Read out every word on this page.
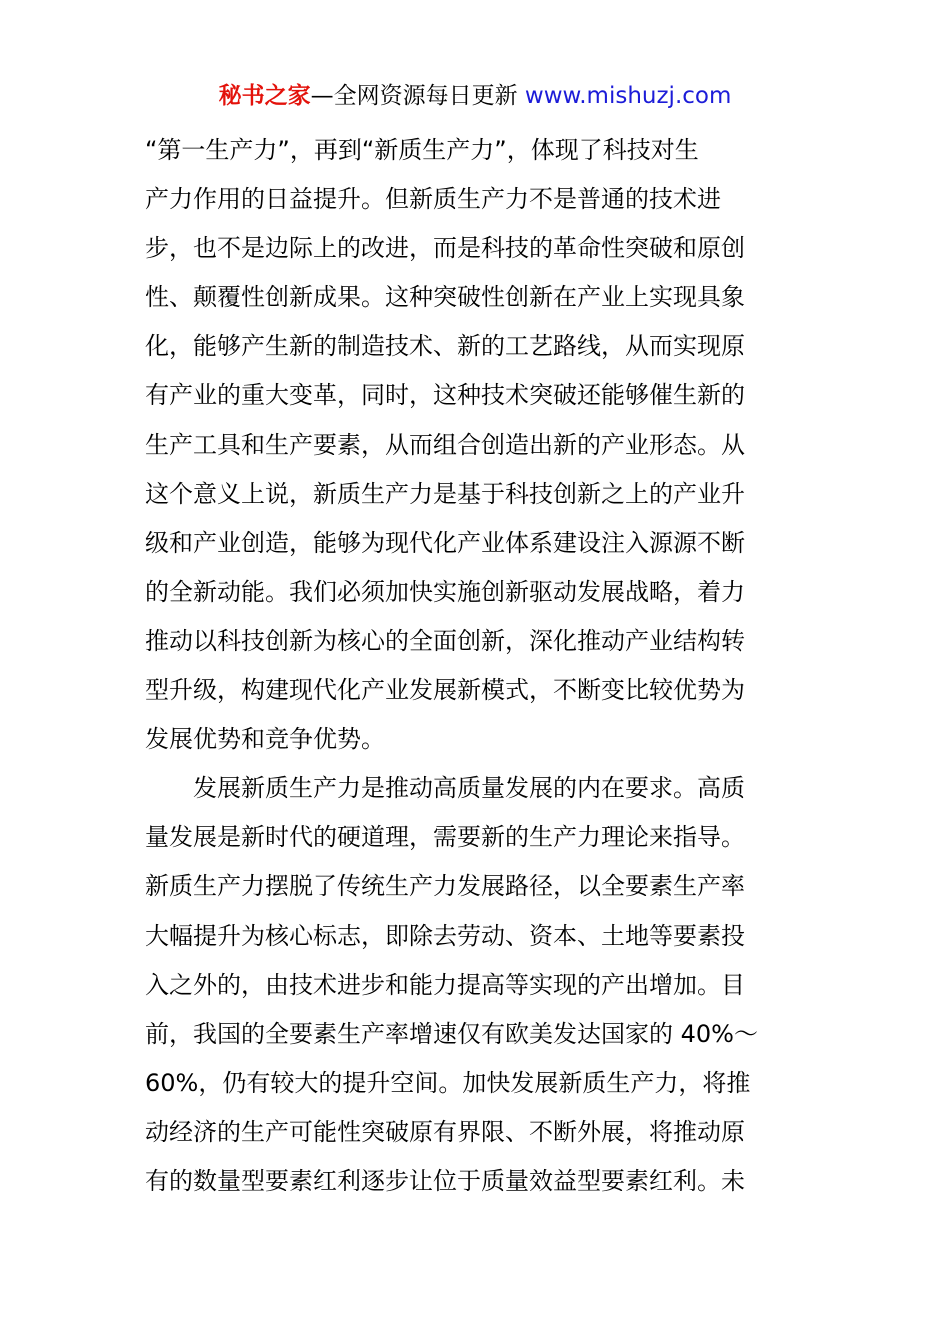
秘书之家—全网资源每日更新 www.mishuzj.com
“第一生产力”，再到“新质生产力”，体现了科技对生
产力作用的日益提升。但新质生产力不是普通的技术进
步，也不是边际上的改进，而是科技的革命性突破和原创
性、颠覆性创新成果。这种突破性创新在产业上实现具象
化，能够产生新的制造技术、新的工艺路线，从而实现原
有产业的重大变革，同时，这种技术突破还能够催生新的
生产工具和生产要素，从而组合创造出新的产业形态。从
这个意义上说，新质生产力是基于科技创新之上的产业升
级和产业创造，能够为现代化产业体系建设注入源源不断
的全新动能。我们必须加快实施创新驱动发展战略，着力
推动以科技创新为核心的全面创新，深化推动产业结构转
型升级，构建现代化产业发展新模式，不断变比较优势为
发展优势和竞争优势。
　　发展新质生产力是推动高质量发展的内在要求。高质
量发展是新时代的硬道理，需要新的生产力理论来指导。
新质生产力摆脱了传统生产力发展路径，以全要素生产率
大幅提升为核心标志，即除去劳动、资本、土地等要素投
入之外的，由技术进步和能力提高等实现的产出增加。目
前，我国的全要素生产率增速仅有欧美发达国家的 40%～
60%，仍有较大的提升空间。加快发展新质生产力，将推
动经济的生产可能性突破原有界限、不断外展，将推动原
有的数量型要素红利逐步让位于质量效益型要素红利。未
